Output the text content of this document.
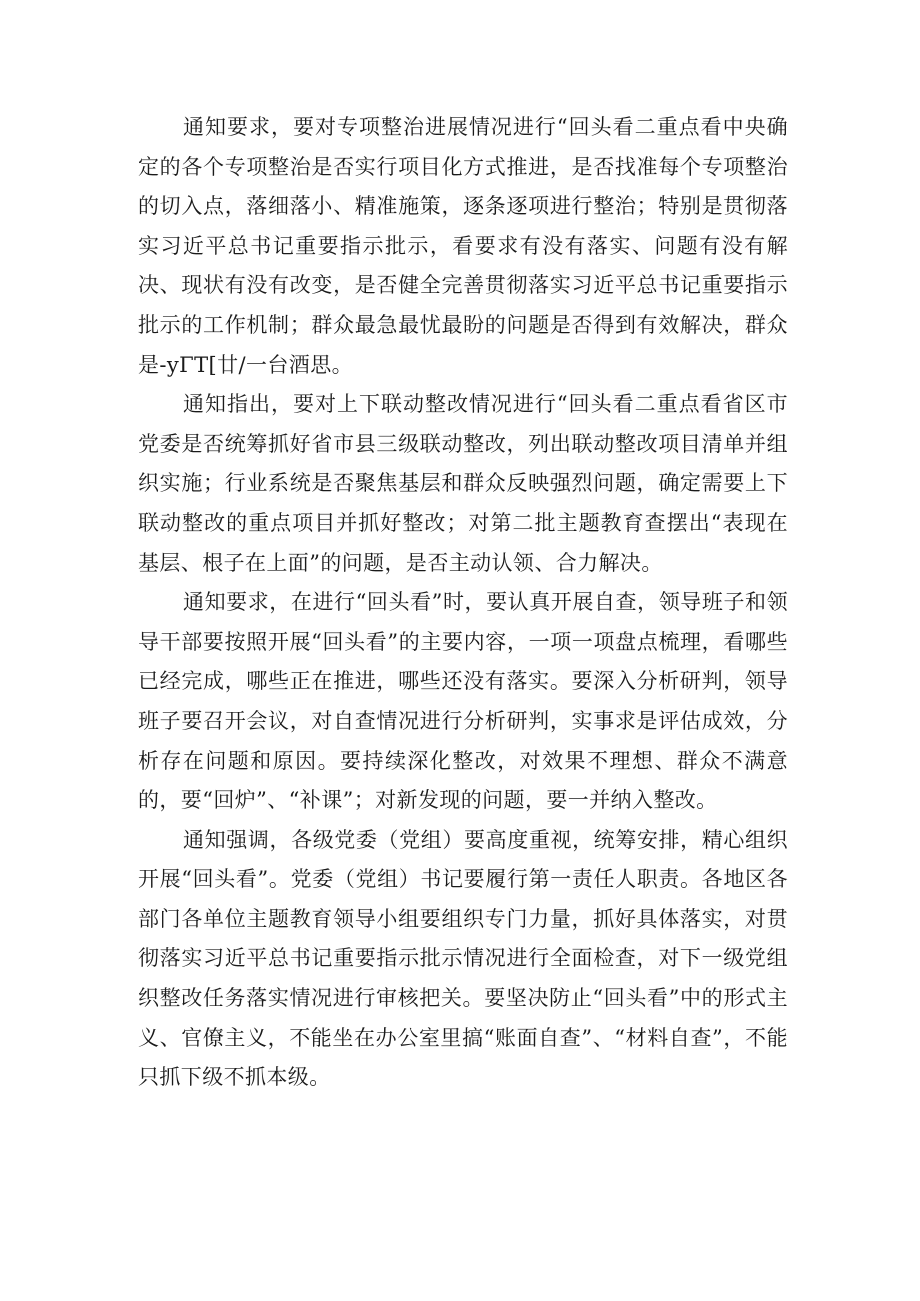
通知要求，要对专项整治进展情况进行“回头看二重点看中央确定的各个专项整治是否实行项目化方式推进，是否找准每个专项整治的切入点，落细落小、精准施策，逐条逐项进行整治；特别是贯彻落实习近平总书记重要指示批示，看要求有没有落实、问题有没有解决、现状有没有改变，是否健全完善贯彻落实习近平总书记重要指示批示的工作机制；群众最急最忧最盼的问题是否得到有效解决，群众是-yΓT[廿/一台酒思。

通知指出，要对上下联动整改情况进行“回头看二重点看省区市党委是否统筹抓好省市县三级联动整改，列出联动整改项目清单并组织实施；行业系统是否聚焦基层和群众反映强烈问题，确定需要上下联动整改的重点项目并抓好整改；对第二批主题教育查摆出“表现在基层、根子在上面”的问题，是否主动认领、合力解决。

通知要求，在进行“回头看”时，要认真开展自查，领导班子和领导干部要按照开展“回头看”的主要内容，一项一项盘点梳理，看哪些已经完成，哪些正在推进，哪些还没有落实。要深入分析研判，领导班子要召开会议，对自查情况进行分析研判，实事求是评估成效，分析存在问题和原因。要持续深化整改，对效果不理想、群众不满意的，要“回炉”、“补课”；对新发现的问题，要一并纳入整改。

通知强调，各级党委（党组）要高度重视，统筹安排，精心组织开展“回头看”。党委（党组）书记要履行第一责任人职责。各地区各部门各单位主题教育领导小组要组织专门力量，抓好具体落实，对贯彻落实习近平总书记重要指示批示情况进行全面检查，对下一级党组织整改任务落实情况进行审核把关。要坚决防止“回头看”中的形式主义、官僚主义，不能坐在办公室里搞“账面自查”、“材料自查”，不能只抓下级不抓本级。
